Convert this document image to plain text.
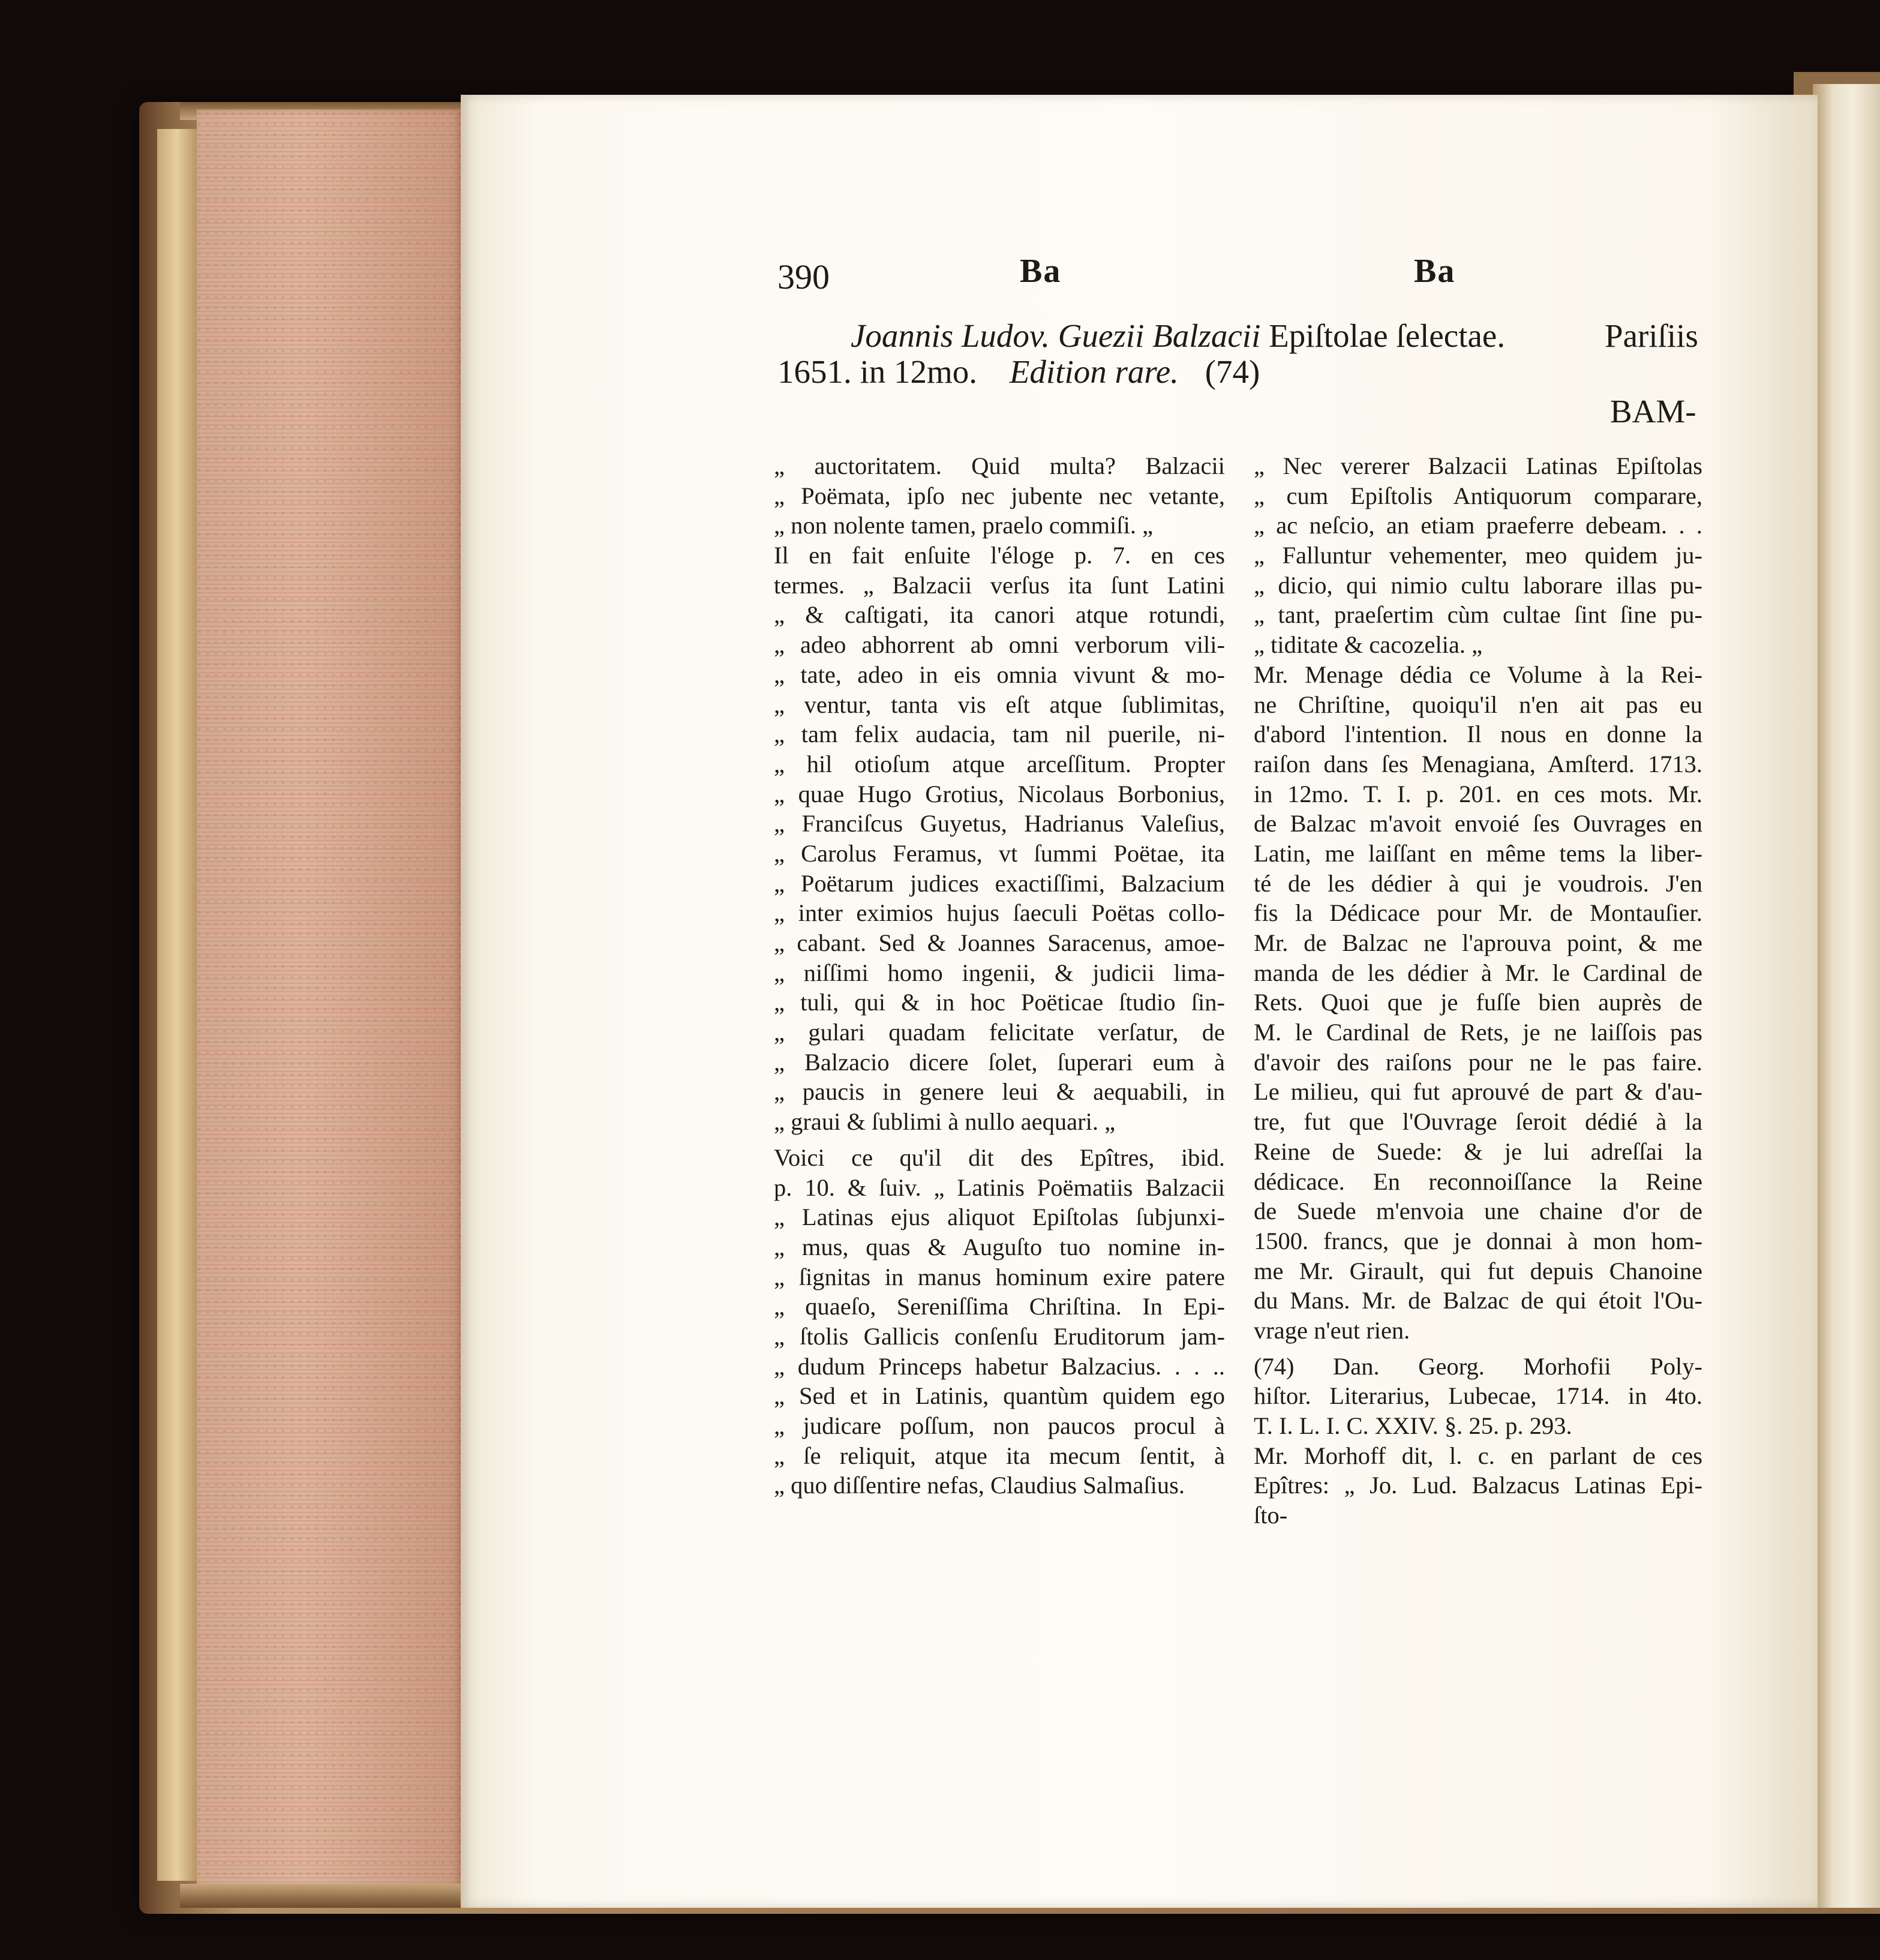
390	Ba	Ba
Joannis Ludov. Guezii Balzacii Epiſtolae ſelectae.	Pariſiis
1651. in 12mo. Edition rare. (74)
BAM-
„ auctoritatem. Quid multa? Balzacii
„ Poëmata, ipſo nec jubente nec vetante,
„ non nolente tamen, praelo commiſi. „
Il en fait enſuite l'éloge p. 7. en ces
termes. „ Balzacii verſus ita ſunt Latini
„ & caſtigati, ita canori atque rotundi,
„ adeo abhorrent ab omni verborum vili-
„ tate, adeo in eis omnia vivunt & mo-
„ ventur, tanta vis eſt atque ſublimitas,
„ tam felix audacia, tam nil puerile, ni-
„ hil otioſum atque arceſſitum. Propter
„ quae Hugo Grotius, Nicolaus Borbonius,
„ Franciſcus Guyetus, Hadrianus Valeſius,
„ Carolus Feramus, vt ſummi Poëtae, ita
„ Poëtarum judices exactiſſimi, Balzacium
„ inter eximios hujus ſaeculi Poëtas collo-
„ cabant. Sed & Joannes Saracenus, amoe-
„ niſſimi homo ingenii, & judicii lima-
„ tuli, qui & in hoc Poëticae ſtudio ſin-
„ gulari quadam felicitate verſatur, de
„ Balzacio dicere ſolet, ſuperari eum à
„ paucis in genere leui & aequabili, in
„ graui & ſublimi à nullo aequari. „
Voici ce qu'il dit des Epîtres, ibid.
p. 10. & ſuiv. „ Latinis Poëmatiis Balzacii
„ Latinas ejus aliquot Epiſtolas ſubjunxi-
„ mus, quas & Auguſto tuo nomine in-
„ ſignitas in manus hominum exire patere
„ quaeſo, Sereniſſima Chriſtina. In Epi-
„ ſtolis Gallicis conſenſu Eruditorum jam-
„ dudum Princeps habetur Balzacius. . . ..
„ Sed et in Latinis, quantùm quidem ego
„ judicare poſſum, non paucos procul à
„ ſe reliquit, atque ita mecum ſentit, à
„ quo diſſentire nefas, Claudius Salmaſius.
„ Nec vererer Balzacii Latinas Epiſtolas
„ cum Epiſtolis Antiquorum comparare,
„ ac neſcio, an etiam praeferre debeam. . .
„ Falluntur vehementer, meo quidem ju-
„ dicio, qui nimio cultu laborare illas pu-
„ tant, praeſertim cùm cultae ſint ſine pu-
„ tiditate & cacozelia. „
Mr. Menage dédia ce Volume à la Rei-
ne Chriſtine, quoiqu'il n'en ait pas eu
d'abord l'intention. Il nous en donne la
raiſon dans ſes Menagiana, Amſterd. 1713.
in 12mo. T. I. p. 201. en ces mots. Mr.
de Balzac m'avoit envoié ſes Ouvrages en
Latin, me laiſſant en même tems la liber-
té de les dédier à qui je voudrois. J'en
fis la Dédicace pour Mr. de Montauſier.
Mr. de Balzac ne l'aprouva point, & me
manda de les dédier à Mr. le Cardinal de
Rets. Quoi que je fuſſe bien auprès de
M. le Cardinal de Rets, je ne laiſſois pas
d'avoir des raiſons pour ne le pas faire.
Le milieu, qui fut aprouvé de part & d'au-
tre, fut que l'Ouvrage ſeroit dédié à la
Reine de Suede: & je lui adreſſai la
dédicace. En reconnoiſſance la Reine
de Suede m'envoia une chaine d'or de
1500. francs, que je donnai à mon hom-
me Mr. Girault, qui fut depuis Chanoine
du Mans. Mr. de Balzac de qui étoit l'Ou-
vrage n'eut rien.
(74) Dan. Georg. Morhofii Poly-
hiſtor. Literarius, Lubecae, 1714. in 4to.
T. I. L. I. C. XXIV. §. 25. p. 293.
Mr. Morhoff dit, l. c. en parlant de ces
Epîtres: „ Jo. Lud. Balzacus Latinas Epi-
ſto-
